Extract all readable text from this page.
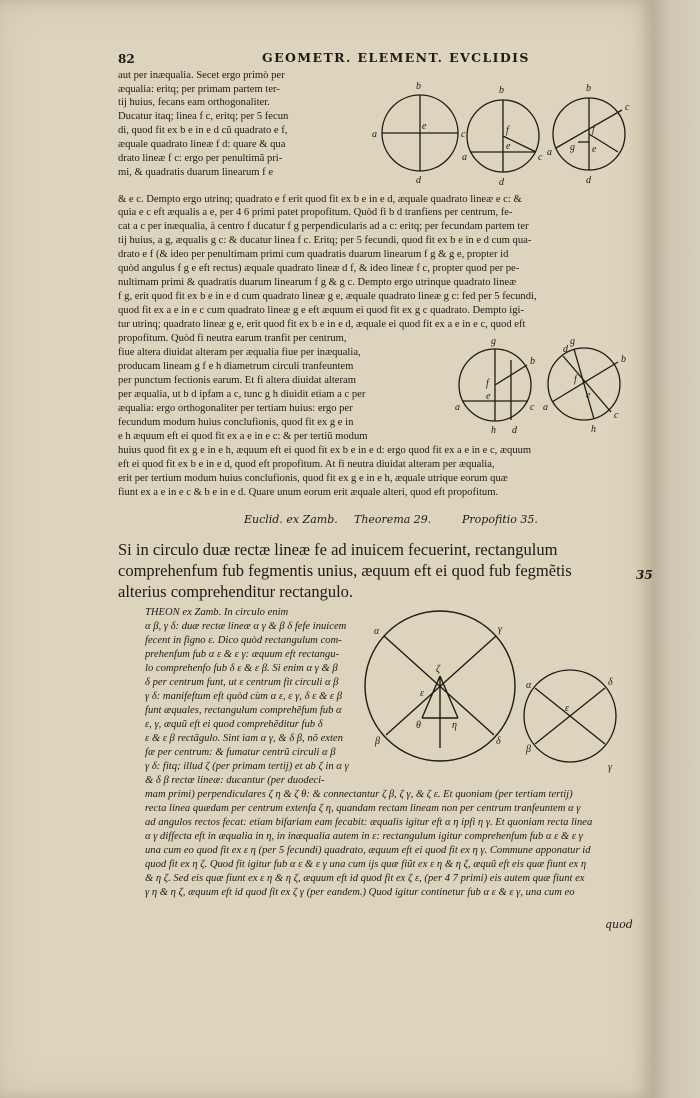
82	GEOMETR. ELEMENT. EVCLIDIS
aut per inæqualia. Secet ergo primò per
æqualia: eritq; per primam partem ter-
tij huius, fecans eam orthogonaliter.
Ducatur itaq; linea f c, eritq; per 5 fecun
di, quod fit ex b e in e d cũ quadrato e f,
æquale quadrato lineæ f d: quare & qua
drato lineæ f c: ergo per penultimã pri-
mi, & quadratis duarum linearum f e
& e c. Dempto ergo utrinq; quadrato e f erit quod fit ex b e in e d, æquale quadrato lineæ e c: &
quia e c eft æqualis a e, per 4 6 primi patet propofitum. Quòd fi b d tranfiens per centrum, fe-
cat a c per inæqualia, à centro f ducatur f g perpendicularis ad a c: eritq; per fecundam partem ter
tij huius, a g, æqualis g c: & ducatur linea f c. Eritq; per 5 fecundi, quod fit ex b e in e d cum qua-
drato e f (& ideo per penultimam primi cum quadratis duarum linearum f g & g e, propter id
quòd angulus f g e eft rectus) æquale quadrato lineæ d f, & ideo lineæ f c, propter quod per pe-
nultimam primi & quadratis duarum linearum f g & g c. Dempto ergo utrinque quadrato lineæ
f g, erit quod fit ex b e in e d cum quadrato lineæ g e, æquale quadrato lineæ g c: fed per 5 fecundi,
quod fit ex a e in e c cum quadrato lineæ g e eft æquum ei quod fit ex g c quadrato. Dempto igi-
tur utrinq; quadrato lineæ g e, erit quod fit ex b e in e d, æquale ei quod fit ex a e in e c, quod eft
propofitum. Quòd fi neutra earum tranfit per centrum,
fiue altera diuidat alteram per æqualia fiue per inæqualia,
producam lineam g f e h diametrum circuli tranfeuntem
per punctum fectionis earum. Et fi altera diuidat alteram
per æqualia, ut b d ipfam a c, tunc g h diuidit etiam a c per
æqualia: ergo orthogonaliter per tertiam huius: ergo per
fecundum modum huius conclufionis, quod fit ex g e in
e h æquum eft ei quod fit ex a e in e c: & per tertiũ modum
huius quod fit ex g e in e h, æquum eft ei quod fit ex b e in e d: ergo quod fit ex a e in e c, æquum
eft ei quod fit ex b e in e d, quod eft propofitum. At fi neutra diuidat alteram per æqualia,
erit per tertium modum huius conclufionis, quod fit ex g e in e h, æquale utrique eorum quæ
fiunt ex a e in e c & b e in e d. Quare unum eorum erit æquale alteri, quod eft propofitum.
Euclid. ex Zamb. Theorema 29.	Propofitio 35.
Si in circulo duæ rectæ lineæ fe ad inuicem fecuerint, rectangulum
comprehenfum fub fegmentis unius, æquum eft ei quod fub fegmẽtis
alterius comprehenditur rectangulo.
35
THEON ex Zamb. In circulo enim
α β, γ δ: duæ rectæ lineæ α γ & β δ fefe inuicem
fecent in figno ε. Dico quòd rectangulum com-
prehenfum fub α ε & ε γ: æquum eft rectangu-
lo comprehenfo fub δ ε & ε β. Si enim α γ & β
δ per centrum funt, ut ε centrum fit circuli α β
γ δ: manifeftum eft quòd cùm α ε, ε γ, δ ε & ε β
funt æquales, rectangulum comprehẽfum fub α
ε, γ, æquũ eft ei quod comprehẽditur fub δ
ε & ε β rectãgulo. Sint iam α γ, & δ β, nõ exten
fæ per centrum: & fumatur centrũ circuli α β
γ δ: fitq; illud ζ (per primam tertij) et ab ζ in α γ
& δ β rectæ lineæ: ducantur (per duodeci-
mam primi) perpendiculares ζ η & ζ θ: & connectantur ζ β, ζ γ, & ζ ε. Et quoniam (per tertiam tertij)
recta linea quædam per centrum extenfa ζ η, quandam rectam lineam non per centrum tranfeuntem α γ
ad angulos rectos fecat: etiam bifariam eam fecabit: æqualis igitur eft α η ipfi η γ. Et quoniam recta linea
α γ diffecta eft in æqualia in η, in inæqualia autem in ε: rectangulum igitur comprehenfum fub α ε & ε γ
una cum eo quod fit ex ε η (per 5 fecundi) quadrato, æquum eft ei quod fit ex η γ. Commune apponatur id
quod fit ex η ζ. Quod fit igitur fub α ε & ε γ una cum ijs quæ fiũt ex ε η & η ζ, æquũ eft eis quæ fiunt ex η
& η ζ. Sed eis quæ fiunt ex ε η & η ζ, æquum eft id quod fit ex ζ ε, (per 4 7 primi) eis autem quæ fiunt ex
γ η & η ζ, æquum eft id quod fit ex ζ γ (per eandem.) Quod igitur continetur fub α ε & ε γ, una cum eo
quod
b
a
e
c
d
b
f
e
a	c
d
b
f
g e
a
c
d
g
b
f
e
a	c
d
h
g
b
f
e
a
c
d
h
ζ
ε
α	γ
β	δ
θ	η
α	δ
ε
β
γ
